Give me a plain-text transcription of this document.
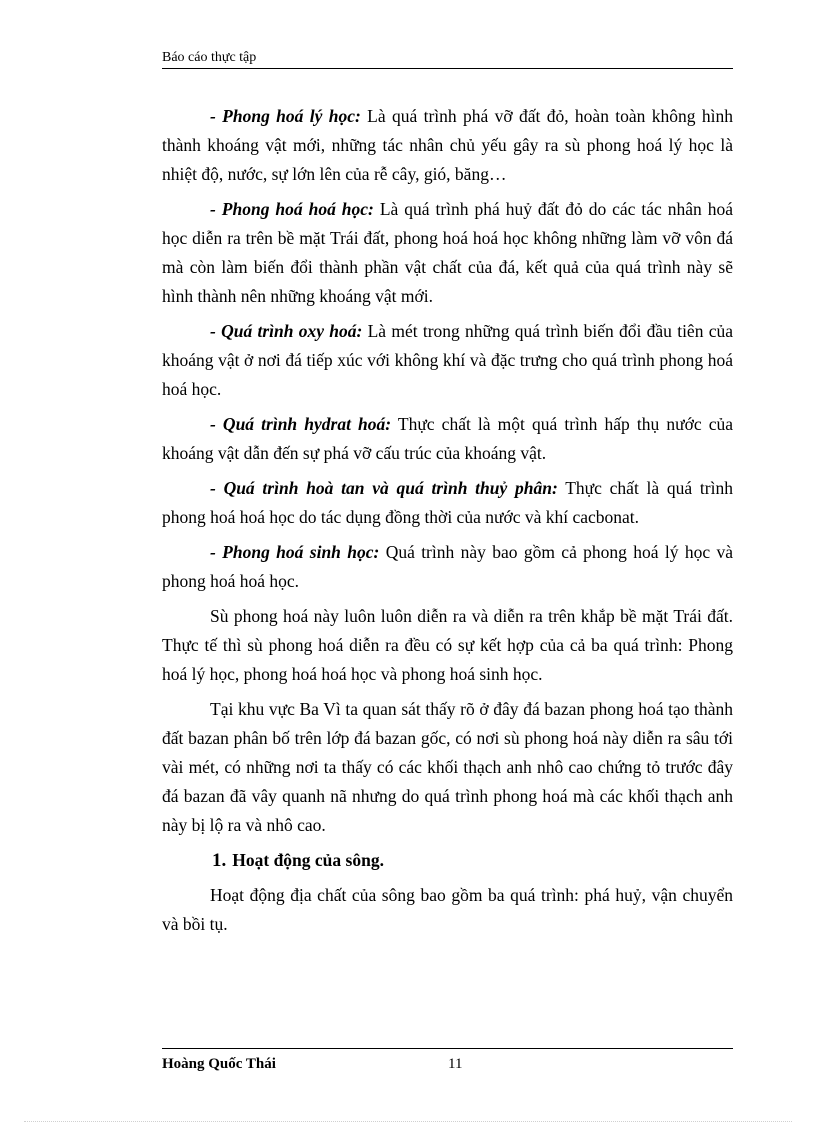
Báo cáo thực tập

- Phong hoá lý học: Là quá trình phá vỡ đất đỏ, hoàn toàn không hình thành khoáng vật mới, những tác nhân chủ yếu gây ra sù phong hoá lý học là nhiệt độ, nước, sự lớn lên của rễ cây, gió, băng…

- Phong hoá hoá học: Là quá trình phá huỷ đất đỏ do các tác nhân hoá học diễn ra trên bề mặt Trái đất, phong hoá hoá học không những làm vỡ vôn đá mà còn làm biến đổi thành phần vật chất của đá, kết quả của quá trình này sẽ hình thành nên những khoáng vật mới.

- Quá trình oxy hoá: Là mét trong những quá trình biến đổi đầu tiên của khoáng vật ở nơi đá tiếp xúc với không khí và đặc trưng cho quá trình phong hoá hoá học.

- Quá trình hydrat hoá: Thực chất là một quá trình hấp thụ nước của khoáng vật dẫn đến sự phá vỡ cấu trúc của khoáng vật.

- Quá trình hoà tan và quá trình thuỷ phân: Thực chất là quá trình phong hoá hoá học do tác dụng đồng thời của nước và khí cacbonat.

- Phong hoá sinh học: Quá trình này bao gồm cả phong hoá lý học và phong hoá hoá học.

Sù phong hoá này luôn luôn diễn ra và diễn ra trên khắp bề mặt Trái đất. Thực tế thì sù phong hoá diễn ra đều có sự kết hợp của cả ba quá trình: Phong hoá lý học, phong hoá hoá học và phong hoá sinh học.

Tại khu vực Ba Vì ta quan sát thấy rõ ở đây đá bazan phong hoá tạo thành đất bazan phân bố trên lớp đá bazan gốc, có nơi sù phong hoá này diễn ra sâu tới vài mét, có những nơi ta thấy có các khối thạch anh nhô cao chứng tỏ trước đây đá bazan đã vây quanh nã nhưng do quá trình phong hoá mà các khối thạch anh này bị lộ ra và nhô cao.

1. Hoạt động của sông.

Hoạt động địa chất của sông bao gồm ba quá trình: phá huỷ, vận chuyển và bồi tụ.

Hoàng Quốc Thái	11
